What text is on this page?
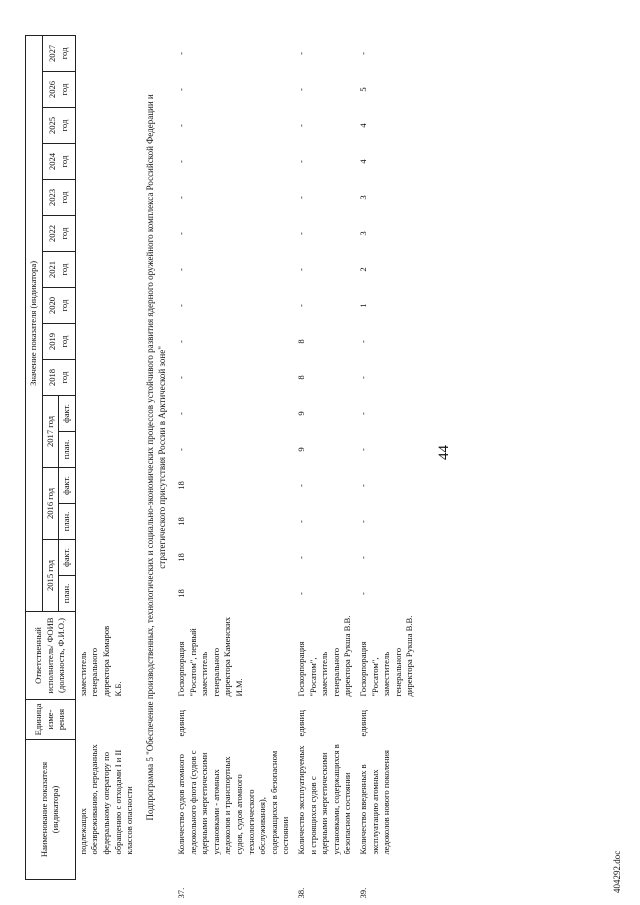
Наименование показателя (индикатора)	Единица изме-рения	Ответственный исполнитель/ ФОИВ (должность, Ф.И.О.)	Значение показателя (индикатора)															
			2015 год		2016 год		2017 год		2018 год	2019 год	2020 год	2021 год	2022 год	2023 год	2024 год	2025 год	2026 год	2027 год
			план.	факт.	план.	факт.	план.	факт.										
подлежащих обезвреживанию, переданных федеральному оператору по обращению с отходами I и II классов опасности		заместитель генерального директора Комаров К.Б.																
Подпрограмма 5 "Обеспечение производственных, технологических и социально-экономических процессов устойчивого развития ядерного оружейного комплекса Российской Федерации и стратегического присутствия России в Арктической зоне"																		
37.Количество судов атомного ледокольного флота (судов с ядерными энергетическими установками - атомных ледоколов и транспортных судов, судов атомного технологического обслуживания), содержащихся в безопасном состоянии	единиц	Госкорпорация "Росатом", первый заместитель генерального директора Каменских И.М.	18	18	18	18	-	-	-	-	-	-	-	-	-	-	-	-
38.Количество эксплуатируемых и строящихся судов с ядерными энергетическими установками, содержащихся в безопасном состоянии	единиц	Госкорпорация "Росатом", заместитель генерального директора Рукша В.В.	-	-	-	-	9	9	8	8	-	-	-	-	-	-	-	-
39.Количество введенных в эксплуатацию атомных ледоколов нового поколения	единиц	Госкорпорация "Росатом", заместитель генерального директора Рукша В.В.	-	-	-	-	-	-	-	-	1	2	3	3	4	4	5	-
44
404292.doc
